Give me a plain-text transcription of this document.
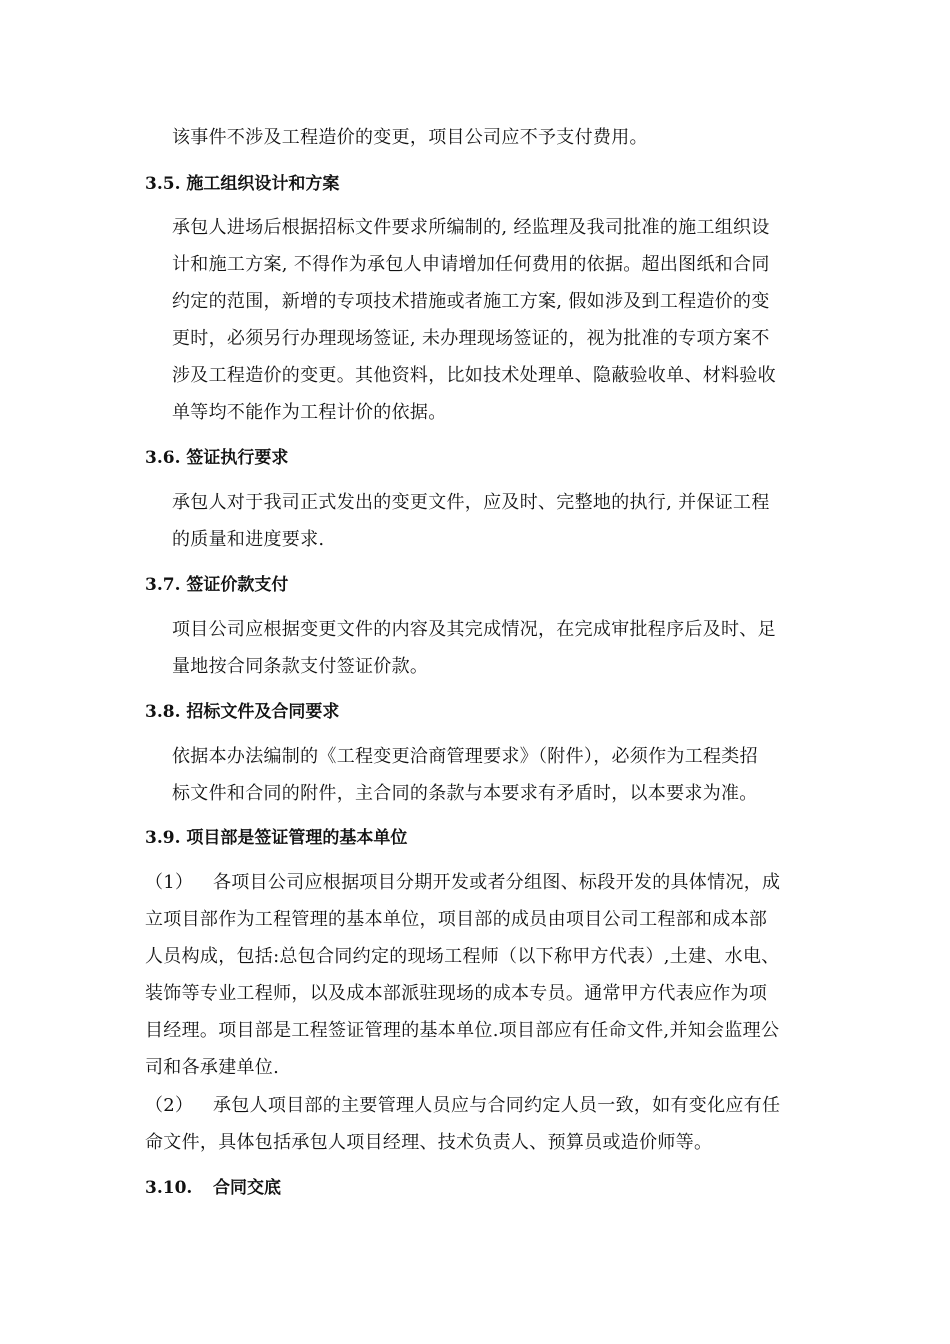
该事件不涉及工程造价的变更，项目公司应不予支付费用。
3.5. 施工组织设计和方案
承包人进场后根据招标文件要求所编制的, 经监理及我司批准的施工组织设
计和施工方案, 不得作为承包人申请增加任何费用的依据。超出图纸和合同
约定的范围，新增的专项技术措施或者施工方案, 假如涉及到工程造价的变
更时，必须另行办理现场签证, 未办理现场签证的，视为批准的专项方案不
涉及工程造价的变更。其他资料，比如技术处理单、隐蔽验收单、材料验收
单等均不能作为工程计价的依据。
3.6. 签证执行要求
承包人对于我司正式发出的变更文件，应及时、完整地的执行, 并保证工程
的质量和进度要求.
3.7. 签证价款支付
项目公司应根据变更文件的内容及其完成情况，在完成审批程序后及时、足
量地按合同条款支付签证价款。
3.8. 招标文件及合同要求
依据本办法编制的《工程变更洽商管理要求》（附件），必须作为工程类招
标文件和合同的附件，主合同的条款与本要求有矛盾时，以本要求为准。
3.9. 项目部是签证管理的基本单位
（1） 各项目公司应根据项目分期开发或者分组图、标段开发的具体情况，成
立项目部作为工程管理的基本单位，项目部的成员由项目公司工程部和成本部
人员构成，包括:总包合同约定的现场工程师（以下称甲方代表）,土建、水电、
装饰等专业工程师，以及成本部派驻现场的成本专员。通常甲方代表应作为项
目经理。项目部是工程签证管理的基本单位.项目部应有任命文件,并知会监理公
司和各承建单位.
（2） 承包人项目部的主要管理人员应与合同约定人员一致，如有变化应有任
命文件，具体包括承包人项目经理、技术负责人、预算员或造价师等。
3.10. 合同交底
